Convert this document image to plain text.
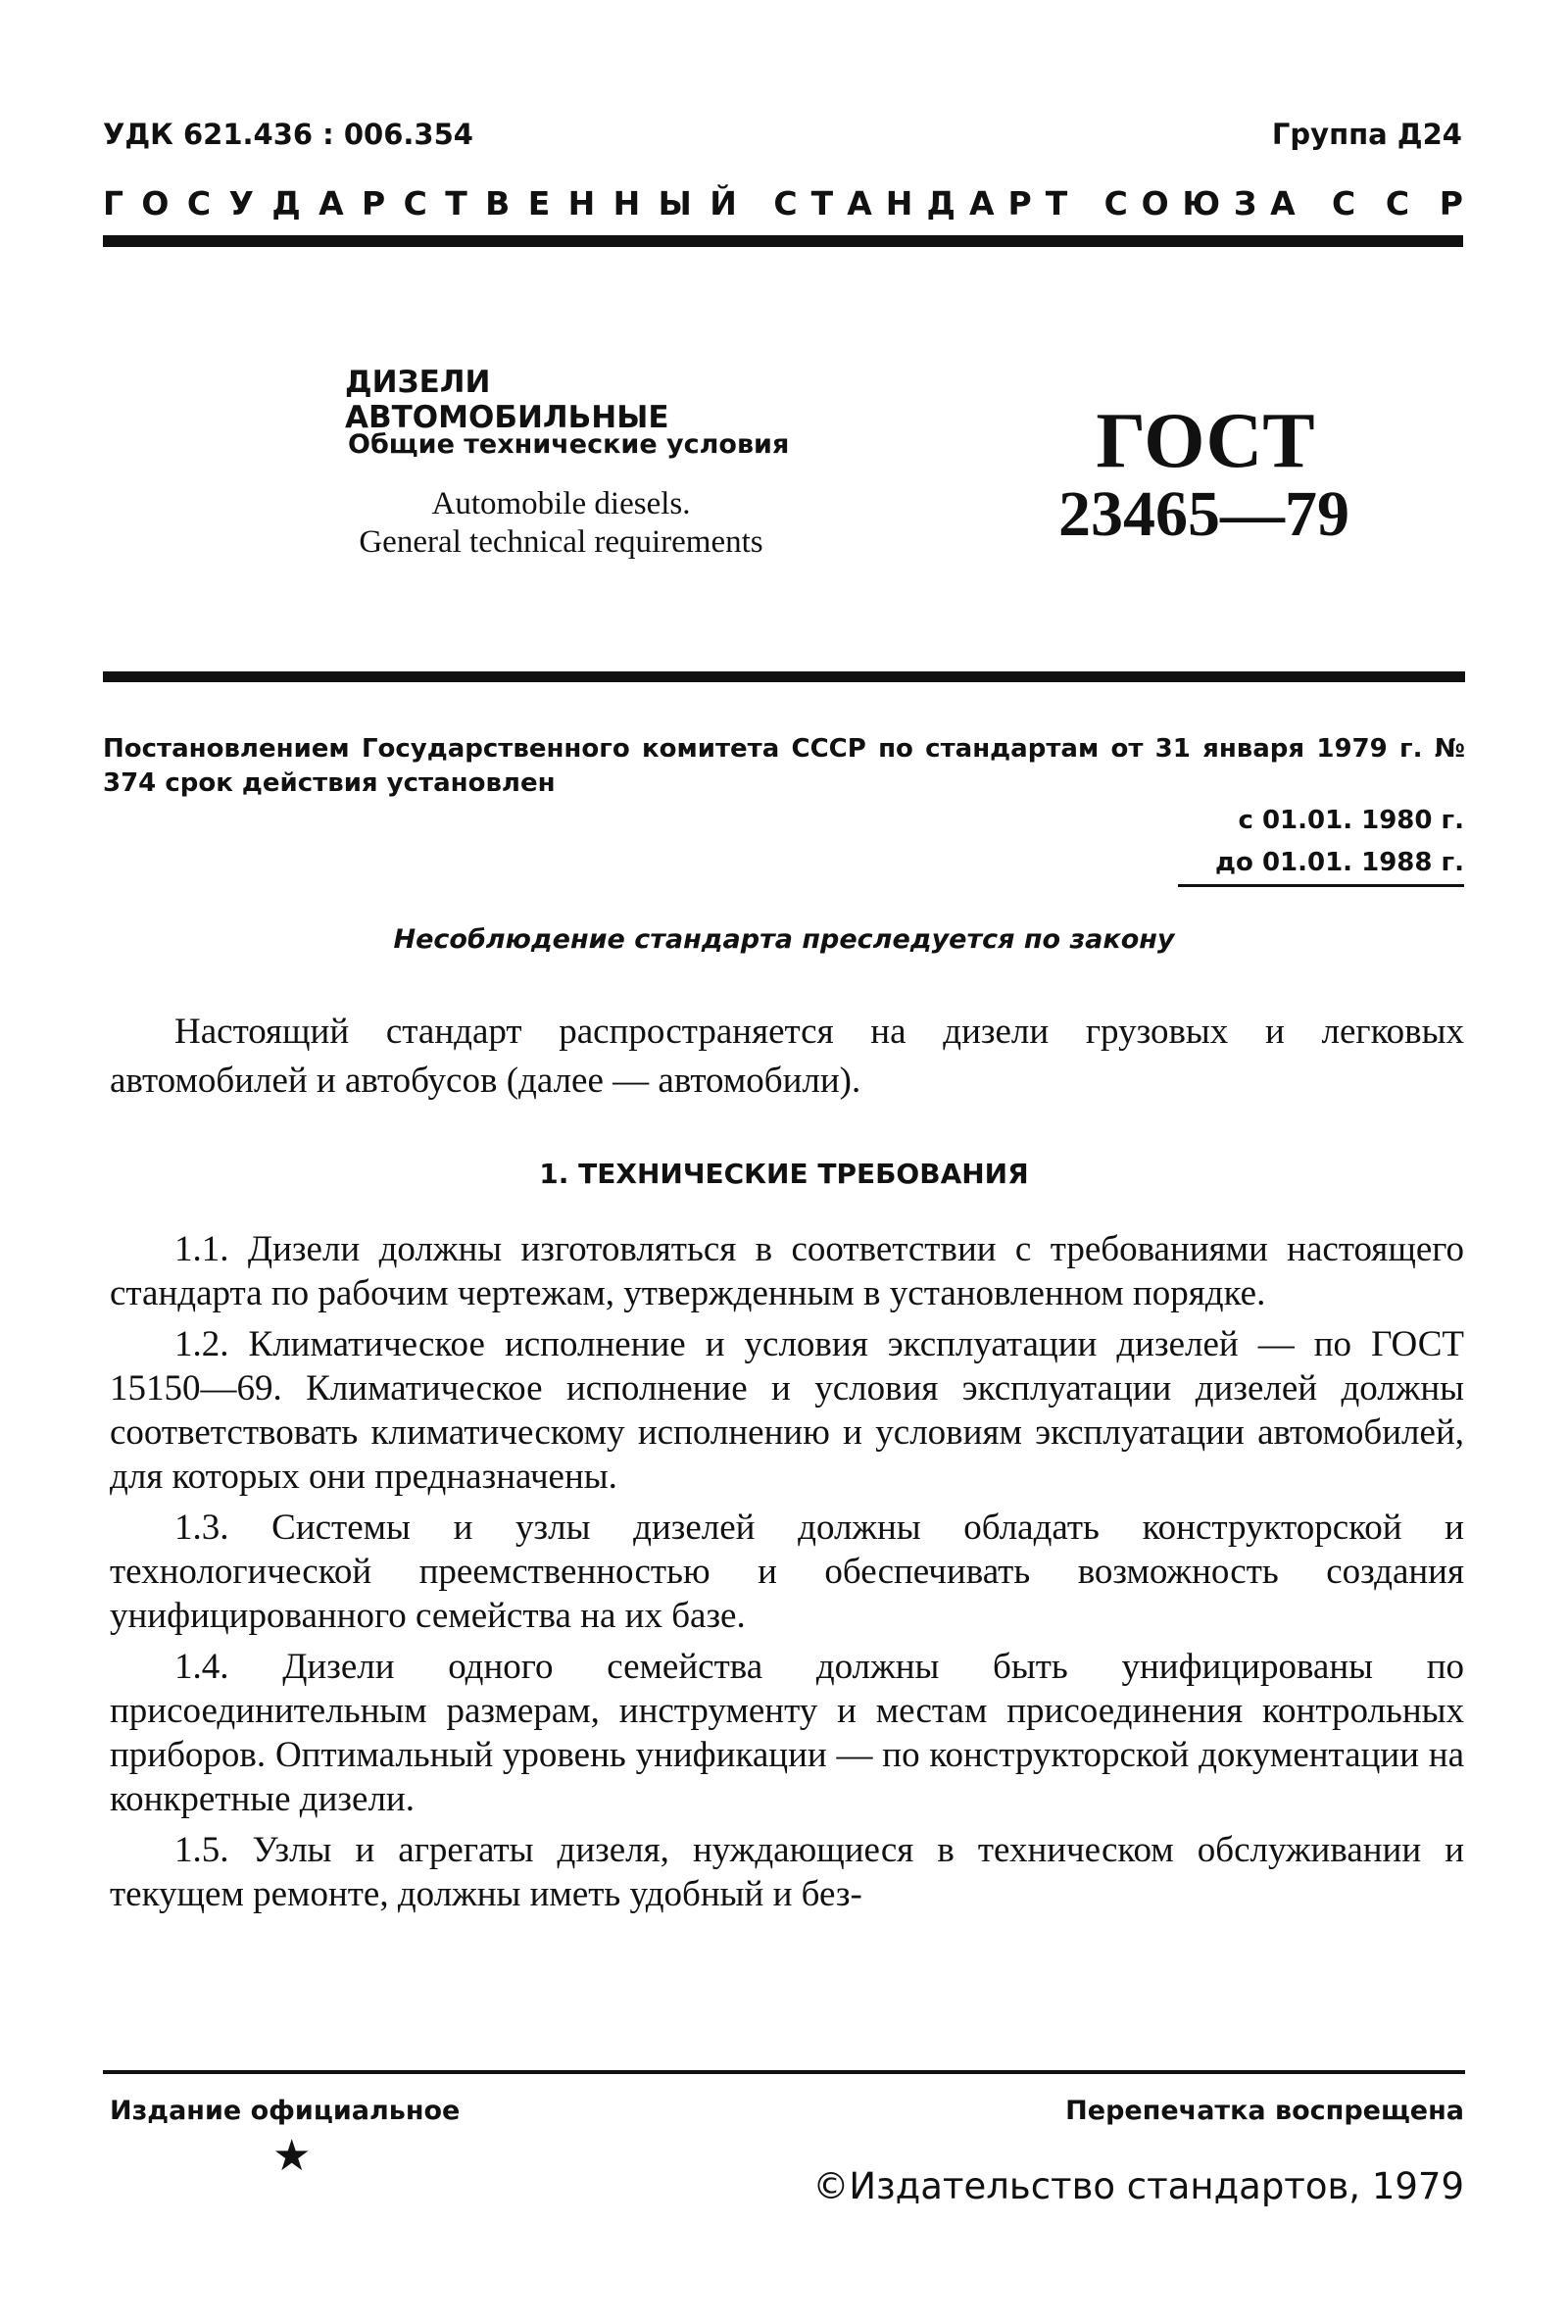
УДК 621.436 : 006.354	Группа Д24
Г О С У Д А Р С Т В Е Н Н Ы Й С Т А Н Д А Р Т С О Ю З А С С Р
ДИЗЕЛИ АВТОМОБИЛЬНЫЕ
Общие технические условия
Automobile diesels.
General technical requirements
ГОСТ
23465—79
Постановлением Государственного комитета СССР по стандартам от 31 января 1979 г. № 374 срок действия установлен
с 01.01. 1980 г.
до 01.01. 1988 г.
Несоблюдение стандарта преследуется по закону
Настоящий стандарт распространяется на дизели грузовых и легковых автомобилей и автобусов (далее — автомобили).
1. ТЕХНИЧЕСКИЕ ТРЕБОВАНИЯ

1.1. Дизели должны изготовляться в соответствии с требованиями настоящего стандарта по рабочим чертежам, утвержденным в установленном порядке.

1.2. Климатическое исполнение и условия эксплуатации дизелей — по ГОСТ 15150—69. Климатическое исполнение и условия эксплуатации дизелей должны соответствовать климатическому исполнению и условиям эксплуатации автомобилей, для которых они предназначены.

1.3. Системы и узлы дизелей должны обладать конструкторской и технологической преемственностью и обеспечивать возможность создания унифицированного семейства на их базе.

1.4. Дизели одного семейства должны быть унифицированы по присоединительным размерам, инструменту и местам присоединения контрольных приборов. Оптимальный уровень унификации — по конструкторской документации на конкретные дизели.

1.5. Узлы и агрегаты дизеля, нуждающиеся в техническом обслуживании и текущем ремонте, должны иметь удобный и без-

Издание официальное	Перепечатка воспрещена
★
©Издательство стандартов, 1979
